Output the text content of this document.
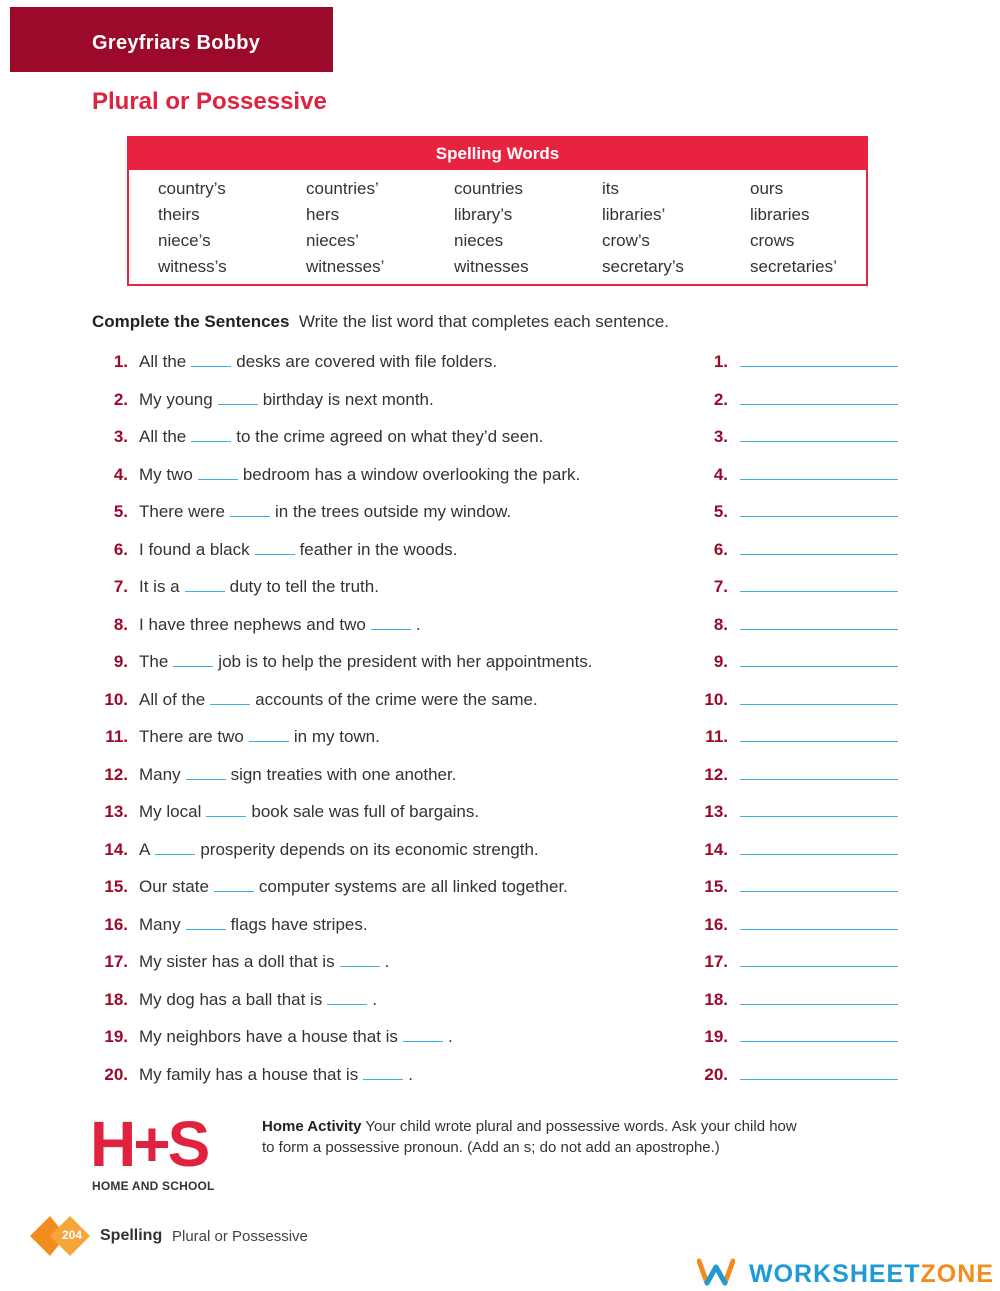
Greyfriars Bobby
Plural or Possessive
Spelling Words
country’s	countries’	countries	its	ours
theirs	hers	library’s	libraries’	libraries
niece’s	nieces’	nieces	crow’s	crows
witness’s	witnesses’	witnesses	secretary’s	secretaries’
Complete the Sentences Write the list word that completes each sentence.
1. All the	desks are covered with file folders.	1.
2. My young	birthday is next month.	2.
3. All the	to the crime agreed on what they’d seen.	3.
4. My two	bedroom has a window overlooking the park.	4.
5. There were	in the trees outside my window.	5.
6. I found a black	feather in the woods.	6.
7. It is a	duty to tell the truth.	7.
8. I have three nephews and two	.	8.
9. The	job is to help the president with her appointments.	9.
10. All of the	accounts of the crime were the same.	10.
11. There are two	in my town.	11.
12. Many	sign treaties with one another.	12.
13. My local	book sale was full of bargains.	13.
14. A	prosperity depends on its economic strength.	14.
15. Our state	computer systems are all linked together.	15.
16. Many	flags have stripes.	16.
17. My sister has a doll that is	.	17.
18. My dog has a ball that is	.	18.
19. My neighbors have a house that is	.	19.
20. My family has a house that is	.	20.
H+S
HOME AND SCHOOL
Home Activity Your child wrote plural and possessive words. Ask your child how to form a possessive pronoun. (Add an s; do not add an apostrophe.)
204	Spelling Plural or Possessive
WORKSHEETZONE
